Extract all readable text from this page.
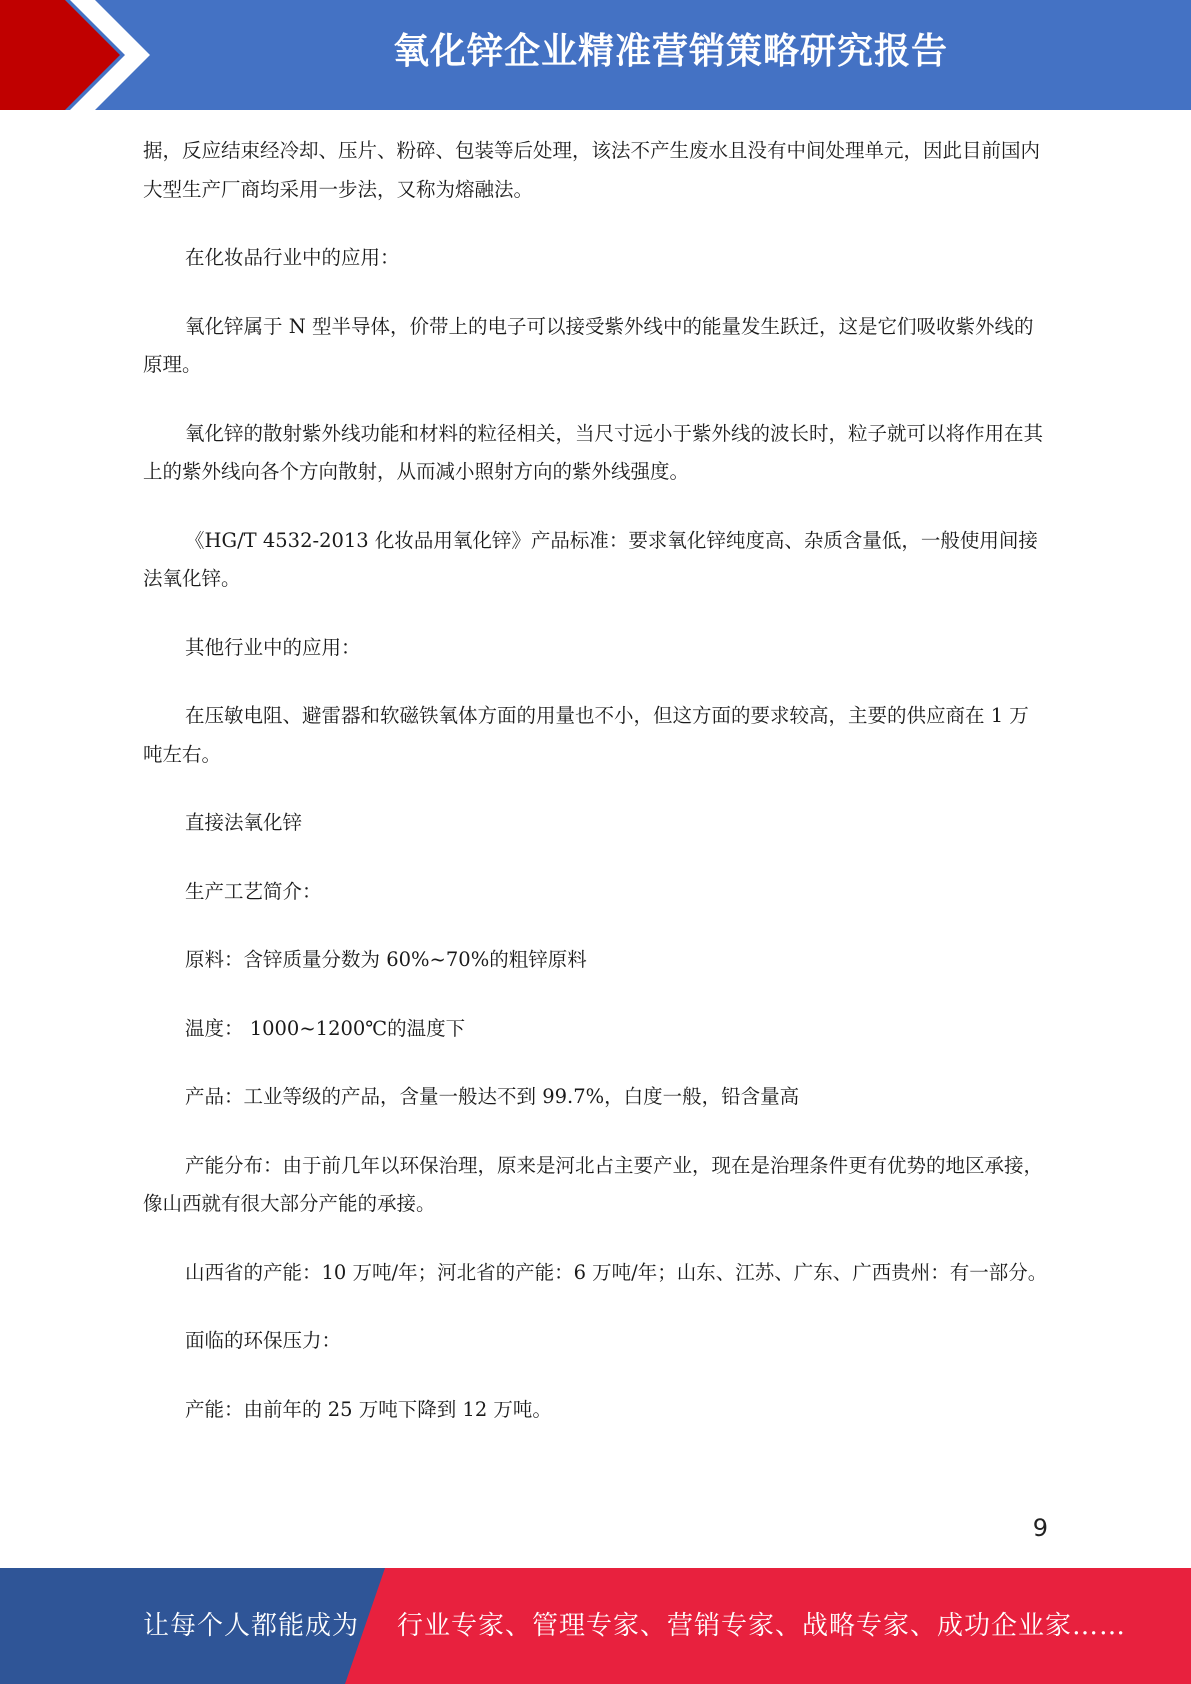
氧化锌企业精准营销策略研究报告

据，反应结束经冷却、压片、粉碎、包装等后处理，该法不产生废水且没有中间处理单元，因此目前国内大型生产厂商均采用一步法，又称为熔融法。

在化妆品行业中的应用：

氧化锌属于 N 型半导体，价带上的电子可以接受紫外线中的能量发生跃迁，这是它们吸收紫外线的原理。

氧化锌的散射紫外线功能和材料的粒径相关，当尺寸远小于紫外线的波长时，粒子就可以将作用在其上的紫外线向各个方向散射，从而减小照射方向的紫外线强度。

《HG/T 4532-2013 化妆品用氧化锌》产品标准：要求氧化锌纯度高、杂质含量低，一般使用间接法氧化锌。

其他行业中的应用：

在压敏电阻、避雷器和软磁铁氧体方面的用量也不小，但这方面的要求较高，主要的供应商在 1 万吨左右。

直接法氧化锌

生产工艺简介：

原料：含锌质量分数为 60%~70%的粗锌原料

温度： 1000~1200℃的温度下

产品：工业等级的产品，含量一般达不到 99.7%，白度一般，铅含量高

产能分布：由于前几年以环保治理，原来是河北占主要产业，现在是治理条件更有优势的地区承接，像山西就有很大部分产能的承接。

山西省的产能：10 万吨/年；河北省的产能：6 万吨/年；山东、江苏、广东、广西贵州：有一部分。

面临的环保压力：

产能：由前年的 25 万吨下降到 12 万吨。

9
让每个人都能成为 行业专家、管理专家、营销专家、战略专家、成功企业家……
